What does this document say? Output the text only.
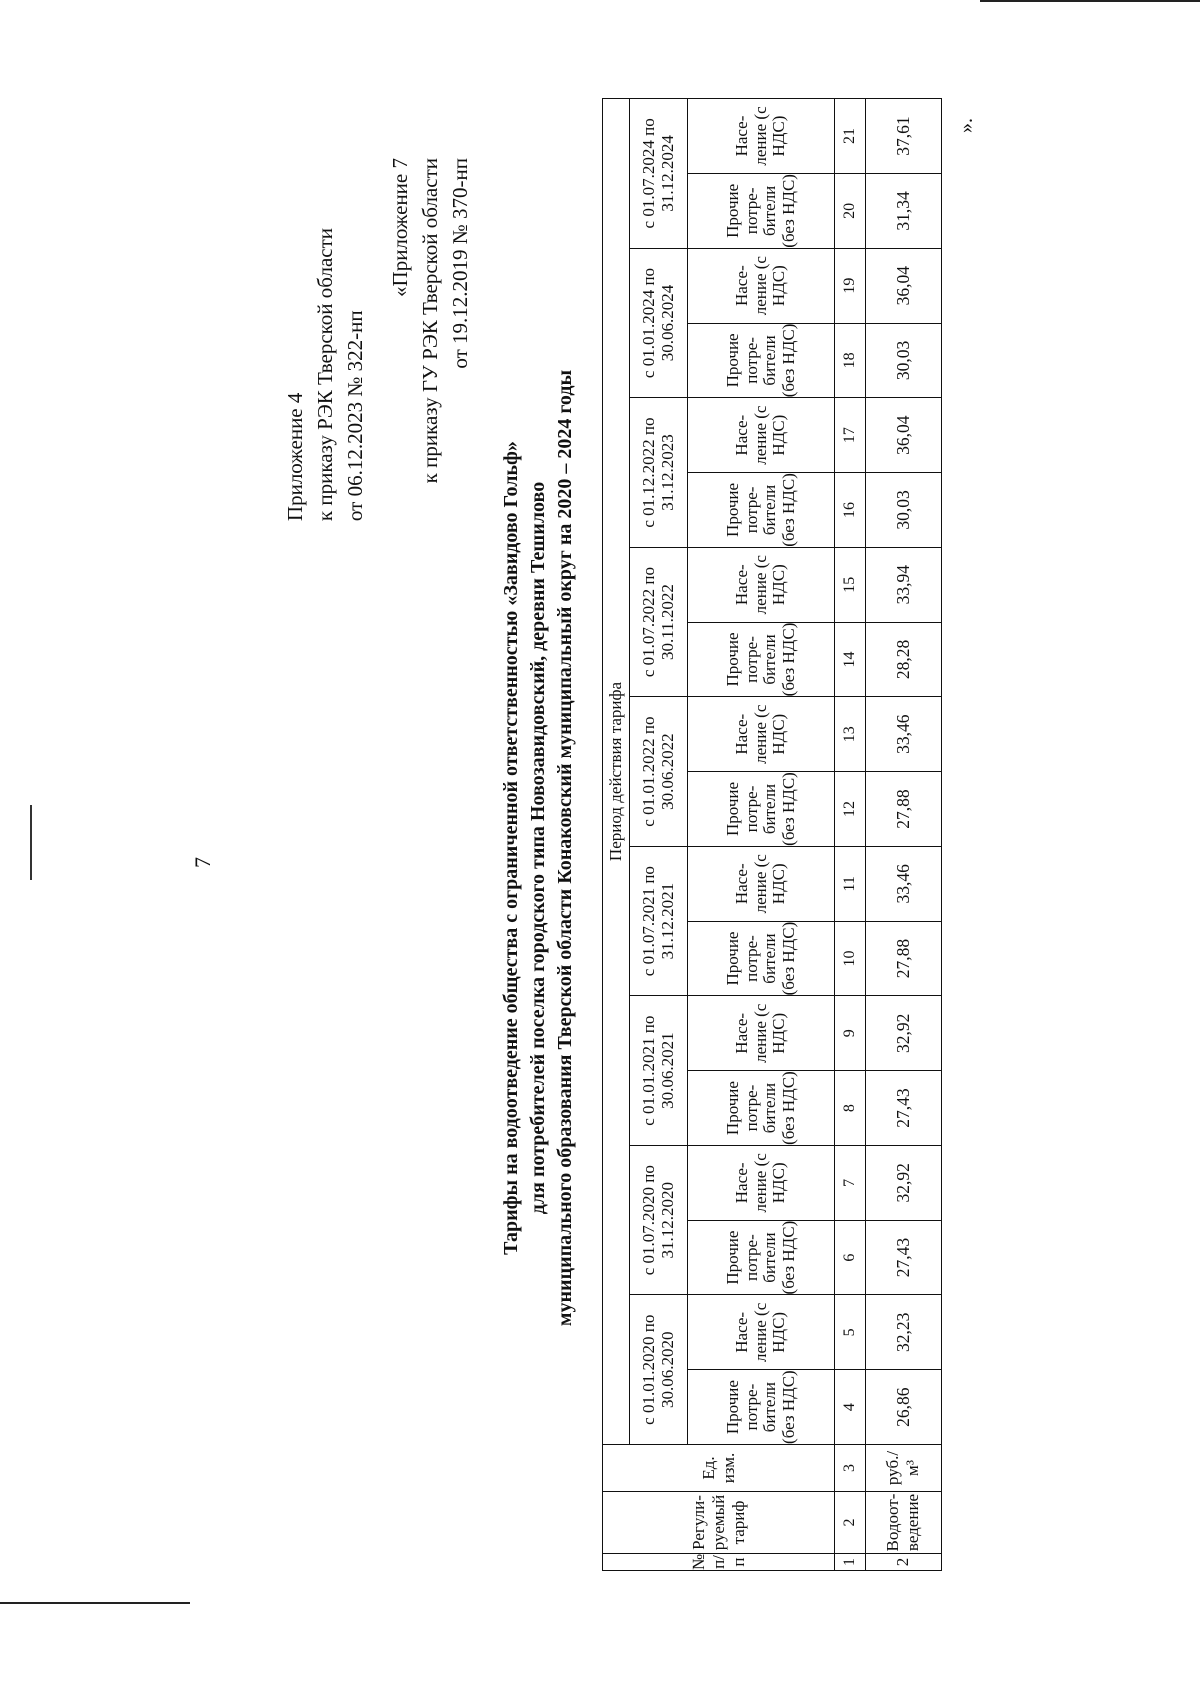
7
Приложение 4 к приказу РЭК Тверской области от 06.12.2023 № 322-нп
«Приложение 7 к приказу ГУ РЭК Тверской области от 19.12.2019 № 370-нп
Тарифы на водоотведение общества с ограниченной ответственностью «Завидово Гольф» для потребителей поселка городского типа Новозавидовский, деревни Тешилово муниципального образования Тверской области Конаковский муниципальный округ на 2020 – 2024 годы
№ п/п	Регули-руемый тариф	Ед. изм.	Период действия тарифа																	
			с 01.01.2020 по 30.06.2020		с 01.07.2020 по 31.12.2020		с 01.01.2021 по 30.06.2021		с 01.07.2021 по 31.12.2021		с 01.01.2022 по 30.06.2022		с 01.07.2022 по 30.11.2022		с 01.12.2022 по 31.12.2023		с 01.01.2024 по 30.06.2024		с 01.07.2024 по 31.12.2024	
			Прочие потре-бители (без НДС)	Насе-ление (с НДС)	Прочие потре-бители (без НДС)	Насе-ление (с НДС)	Прочие потре-бители (без НДС)	Насе-ление (с НДС)	Прочие потре-бители (без НДС)	Насе-ление (с НДС)	Прочие потре-бители (без НДС)	Насе-ление (с НДС)	Прочие потре-бители (без НДС)	Насе-ление (с НДС)	Прочие потре-бители (без НДС)	Насе-ление (с НДС)	Прочие потре-бители (без НДС)	Насе-ление (с НДС)	Прочие потре-бители (без НДС)	Насе-ление (с НДС)
1	2	3	4	5	6	7	8	9	10	11	12	13	14	15	16	17	18	19	20	21
2	Водоот-ведение	руб./м³	26,86	32,23	27,43	32,92	27,43	32,92	27,88	33,46	27,88	33,46	28,28	33,94	30,03	36,04	30,03	36,04	31,34	37,61 ».
